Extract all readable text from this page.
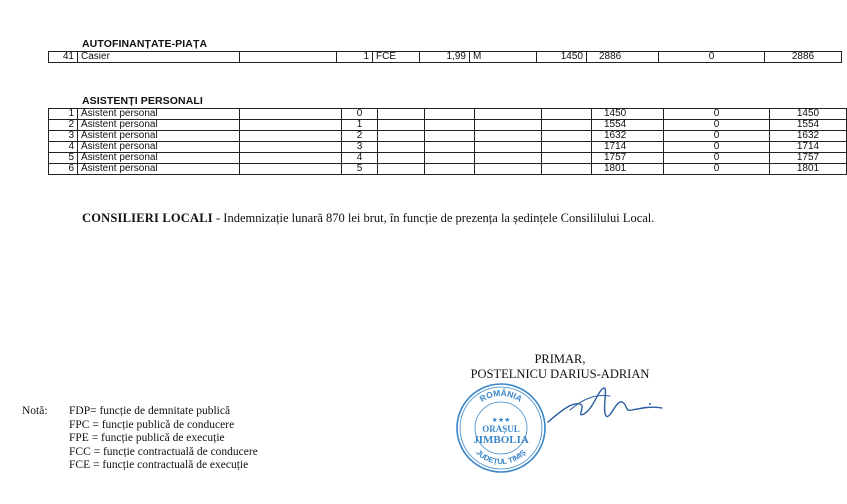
AUTOFINANȚATE-PIAȚA
41	Casier		1	FCE	1,99	M	1450	2886	0	2886
ASISTENȚI PERSONALI
1	Asistent personal		0					1450	0	1450
2	Asistent personal		1					1554	0	1554
3	Asistent personal		2					1632	0	1632
4	Asistent personal		3					1714	0	1714
5	Asistent personal		4					1757	0	1757
6	Asistent personal		5					1801	0	1801
CONSILIERI LOCALI - Indemnizație lunară 870 lei brut, în funcție de prezența la ședințele Consililului Local.
PRIMAR,
POSTELNICU DARIUS-ADRIAN
ROMÂNIA
★★★
ORAȘUL
JIMBOLIA
JUDEȚUL TIMIȘ
Notă: FDP= funcție de demnitate publică
FPC = funcție publică de conducere
FPE = funcție publică de execuție
FCC = funcție contractuală de conducere
FCE = funcție contractuală de execuție
